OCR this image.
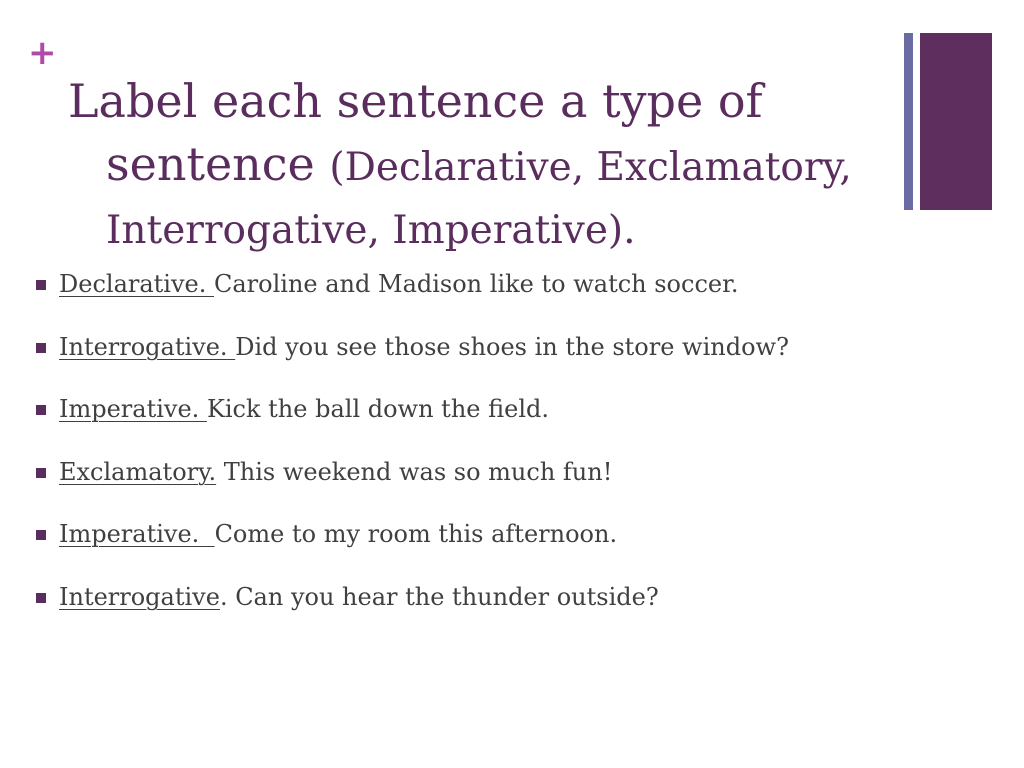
+
Label each sentence a type of
sentence (Declarative, Exclamatory,
Interrogative, Imperative).
Declarative. Caroline and Madison like to watch soccer.
Interrogative. Did you see those shoes in the store window?
Imperative. Kick the ball down the field.
Exclamatory. This weekend was so much fun!
Imperative. Come to my room this afternoon.
Interrogative . Can you hear the thunder outside?
